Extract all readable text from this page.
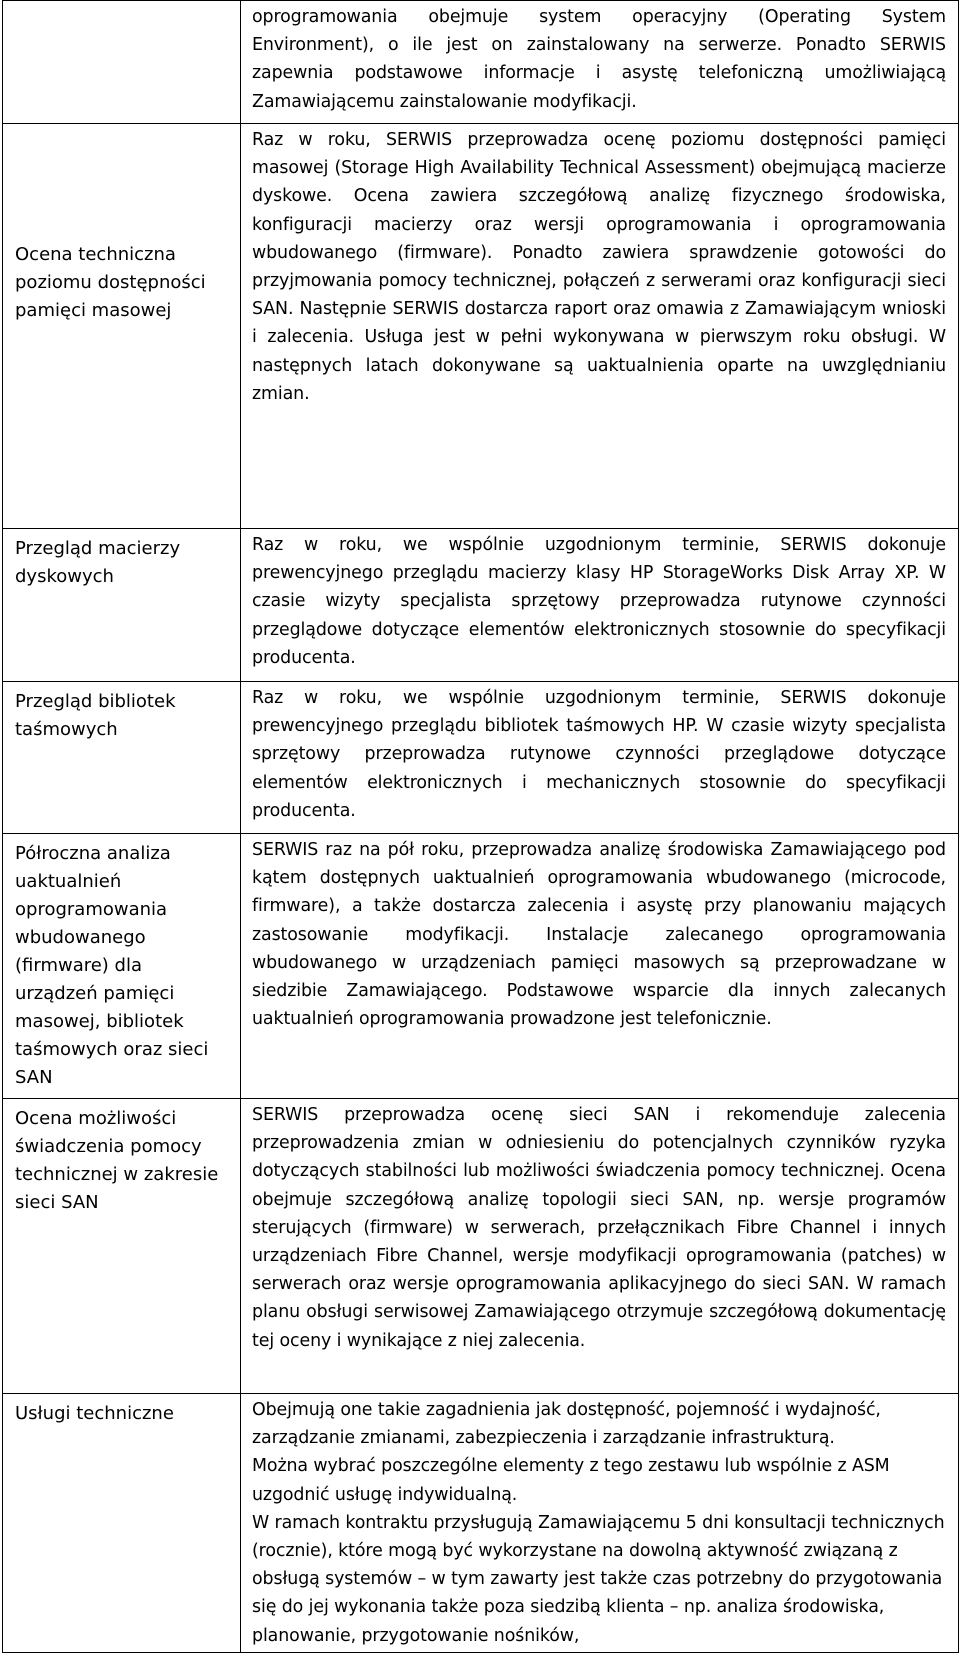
	oprogramowania obejmuje system operacyjny (Operating System Environment), o ile jest on zainstalowany na serwerze. Ponadto SERWIS zapewnia podstawowe informacje i asystę telefoniczną umożliwiającą Zamawiającemu zainstalowanie modyfikacji.

Ocena techniczna poziomu dostępności pamięci masowej	Raz w roku, SERWIS przeprowadza ocenę poziomu dostępności pamięci masowej (Storage High Availability Technical Assessment) obejmującą macierze dyskowe. Ocena zawiera szczegółową analizę fizycznego środowiska, konfiguracji macierzy oraz wersji oprogramowania i oprogramowania wbudowanego (firmware). Ponadto zawiera sprawdzenie gotowości do przyjmowania pomocy technicznej, połączeń z serwerami oraz konfiguracji sieci SAN. Następnie SERWIS dostarcza raport oraz omawia z Zamawiającym wnioski i zalecenia. Usługa jest w pełni wykonywana w pierwszym roku obsługi. W następnych latach dokonywane są uaktualnienia oparte na uwzględnianiu zmian.

Przegląd macierzy dyskowych	Raz w roku, we wspólnie uzgodnionym terminie, SERWIS dokonuje prewencyjnego przeglądu macierzy klasy HP StorageWorks Disk Array XP. W czasie wizyty specjalista sprzętowy przeprowadza rutynowe czynności przeglądowe dotyczące elementów elektronicznych stosownie do specyfikacji producenta.

Przegląd bibliotek taśmowych	Raz w roku, we wspólnie uzgodnionym terminie, SERWIS dokonuje prewencyjnego przeglądu bibliotek taśmowych HP. W czasie wizyty specjalista sprzętowy przeprowadza rutynowe czynności przeglądowe dotyczące elementów elektronicznych i mechanicznych stosownie do specyfikacji producenta.

Półroczna analiza uaktualnień oprogramowania wbudowanego (firmware) dla urządzeń pamięci masowej, bibliotek taśmowych oraz sieci SAN	SERWIS raz na pół roku, przeprowadza analizę środowiska Zamawiającego pod kątem dostępnych uaktualnień oprogramowania wbudowanego (microcode, firmware), a także dostarcza zalecenia i asystę przy planowaniu mających zastosowanie modyfikacji. Instalacje zalecanego oprogramowania wbudowanego w urządzeniach pamięci masowych są przeprowadzane w siedzibie Zamawiającego. Podstawowe wsparcie dla innych zalecanych uaktualnień oprogramowania prowadzone jest telefonicznie.

Ocena możliwości świadczenia pomocy technicznej w zakresie sieci SAN	SERWIS przeprowadza ocenę sieci SAN i rekomenduje zalecenia przeprowadzenia zmian w odniesieniu do potencjalnych czynników ryzyka dotyczących stabilności lub możliwości świadczenia pomocy technicznej. Ocena obejmuje szczegółową analizę topologii sieci SAN, np. wersje programów sterujących (firmware) w serwerach, przełącznikach Fibre Channel i innych urządzeniach Fibre Channel, wersje modyfikacji oprogramowania (patches) w serwerach oraz wersje oprogramowania aplikacyjnego do sieci SAN. W ramach planu obsługi serwisowej Zamawiającego otrzymuje szczegółową dokumentację tej oceny i wynikające z niej zalecenia.

Usługi techniczne	Obejmują one takie zagadnienia jak dostępność, pojemność i wydajność, zarządzanie zmianami, zabezpieczenia i zarządzanie infrastrukturą.

Można wybrać poszczególne elementy z tego zestawu lub wspólnie z ASM uzgodnić usługę indywidualną.

W ramach kontraktu przysługują Zamawiającemu 5 dni konsultacji technicznych (rocznie), które mogą być wykorzystane na dowolną aktywność związaną z obsługą systemów – w tym zawarty jest także czas potrzebny do przygotowania się do jej wykonania także poza siedzibą klienta – np. analiza środowiska, planowanie, przygotowanie nośników,
